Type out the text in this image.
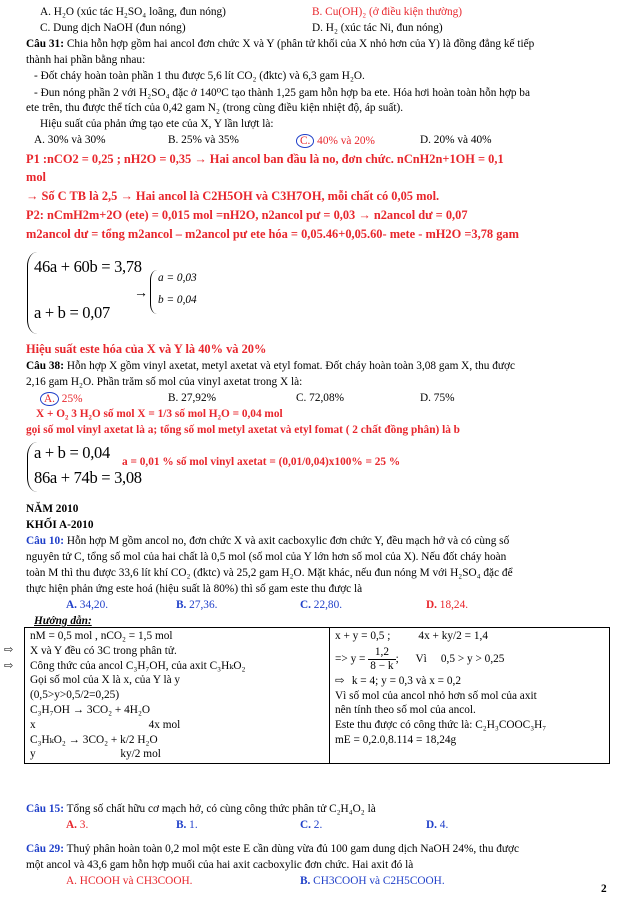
A. H₂O (xúc tác H₂SO₄ loãng, đun nóng)	B. Cu(OH)₂ (ở điều kiện thường)
C. Dung dịch NaOH (đun nóng)	D. H₂ (xúc tác Ni, đun nóng)
Câu 31: Chia hỗn hợp gồm hai ancol đơn chức X và Y (phân tử khối của X nhỏ hơn của Y) là đồng đẳng kế tiếp
thành hai phần bằng nhau:
- Đốt cháy hoàn toàn phần 1 thu được 5,6 lít CO₂ (đktc) và 6,3 gam H₂O.
- Đun nóng phần 2 với H₂SO₄ đặc ở 140⁰C tạo thành 1,25 gam hỗn hợp ba ete. Hóa hơi hoàn toàn hỗn hợp ba
ete trên, thu được thể tích của 0,42 gam N₂ (trong cùng điều kiện nhiệt độ, áp suất).
Hiệu suất của phản ứng tạo ete của X, Y lần lượt là:
A. 30% và 30%	B. 25% và 35%	C. 40% và 20%	D. 20% và 40%
P1 :nCO2 = 0,25 ; nH2O = 0,35 → Hai ancol ban đầu là no, đơn chức. nCnH2n+1OH = 0,1
mol
→ Số C TB là 2,5 → Hai ancol là C2H5OH và C3H7OH, mỗi chất có 0,05 mol.
P2: nCmH2m+2O (ete) = 0,015 mol =nH2O, n2ancol pư = 0,03 → n2ancol dư = 0,07
m2ancol dư = tổng m2ancol – m2ancol pư ete hóa = 0,05.46+0,05.60- mete - mH2O =3,78 gam
46a + 60b = 3,78
a + b = 0,07
→
a = 0,03
b = 0,04
Hiệu suất este hóa của X và Y là 40% và 20%
Câu 38: Hỗn hợp X gồm vinyl axetat, metyl axetat và etyl fomat. Đốt cháy hoàn toàn 3,08 gam X, thu được
2,16 gam H₂O. Phần trăm số mol của vinyl axetat trong X là:
A. 25%	B. 27,92%	C. 72,08%	D. 75%
X + O₂ 3 H₂O số mol X = 1/3 số mol H₂O = 0,04 mol
gọi số mol vinyl axetat là a; tổng số mol metyl axetat và etyl fomat ( 2 chất đồng phân) là b
a + b = 0,04
86a + 74b = 3,08
a = 0,01 % số mol vinyl axetat = (0,01/0,04)x100% = 25 %
NĂM 2010
KHỐI A-2010
Câu 10: Hỗn hợp M gồm ancol no, đơn chức X và axit cacboxylic đơn chức Y, đều mạch hở và có cùng số
nguyên tử C, tổng số mol của hai chất là 0,5 mol (số mol của Y lớn hơn số mol của X). Nếu đốt cháy hoàn
toàn M thì thu được 33,6 lít khí CO₂ (đktc) và 25,2 gam H₂O. Mặt khác, nếu đun nóng M với H₂SO₄ đặc để
thực hiện phản ứng este hoá (hiệu suất là 80%) thì số gam este thu được là
A. 34,20.	B. 27,36.	C. 22,80.	D. 18,24.
Hướng dẫn:
⇨
⇨
nM = 0,5 mol , nCO₂ = 1,5 mol
X và Y đều có 3C trong phân tử.
Công thức của ancol C₃H₇OH, của axit C₃HₖO₂
Gọi số mol của X là x, của Y là y
(0,5>y>0,5/2=0,25)
C₃H₇OH → 3CO₂ + 4H₂O
x                                        4x mol
C₃HₖO₂ → 3CO₂ + k/2 H₂O
y                              ky/2 mol

x + y = 0,5 ; 4x + ky/2 = 1,4
=> $y = \frac{1,2}{8 - k}$ ;      Vì     0,5 > y > 0,25
⇨ k = 4; y = 0,3 và x = 0,2
Vì số mol của ancol nhỏ hơn số mol của axit
nên tính theo số mol của ancol.
Este thu được có công thức là: C₂H₃COOC₃H₇
mE = 0,2.0,8.114 = 18,24g
Câu 15: Tổng số chất hữu cơ mạch hở, có cùng công thức phân tử C₂H₄O₂ là
A. 3.	B. 1.	C. 2.	D. 4.
Câu 29: Thuỷ phân hoàn toàn 0,2 mol một este E cần dùng vừa đủ 100 gam dung dịch NaOH 24%, thu được
một ancol và 43,6 gam hỗn hợp muối của hai axit cacboxylic đơn chức. Hai axit đó là
A. HCOOH và CH3COOH.	B. CH3COOH và C2H5COOH.
2
